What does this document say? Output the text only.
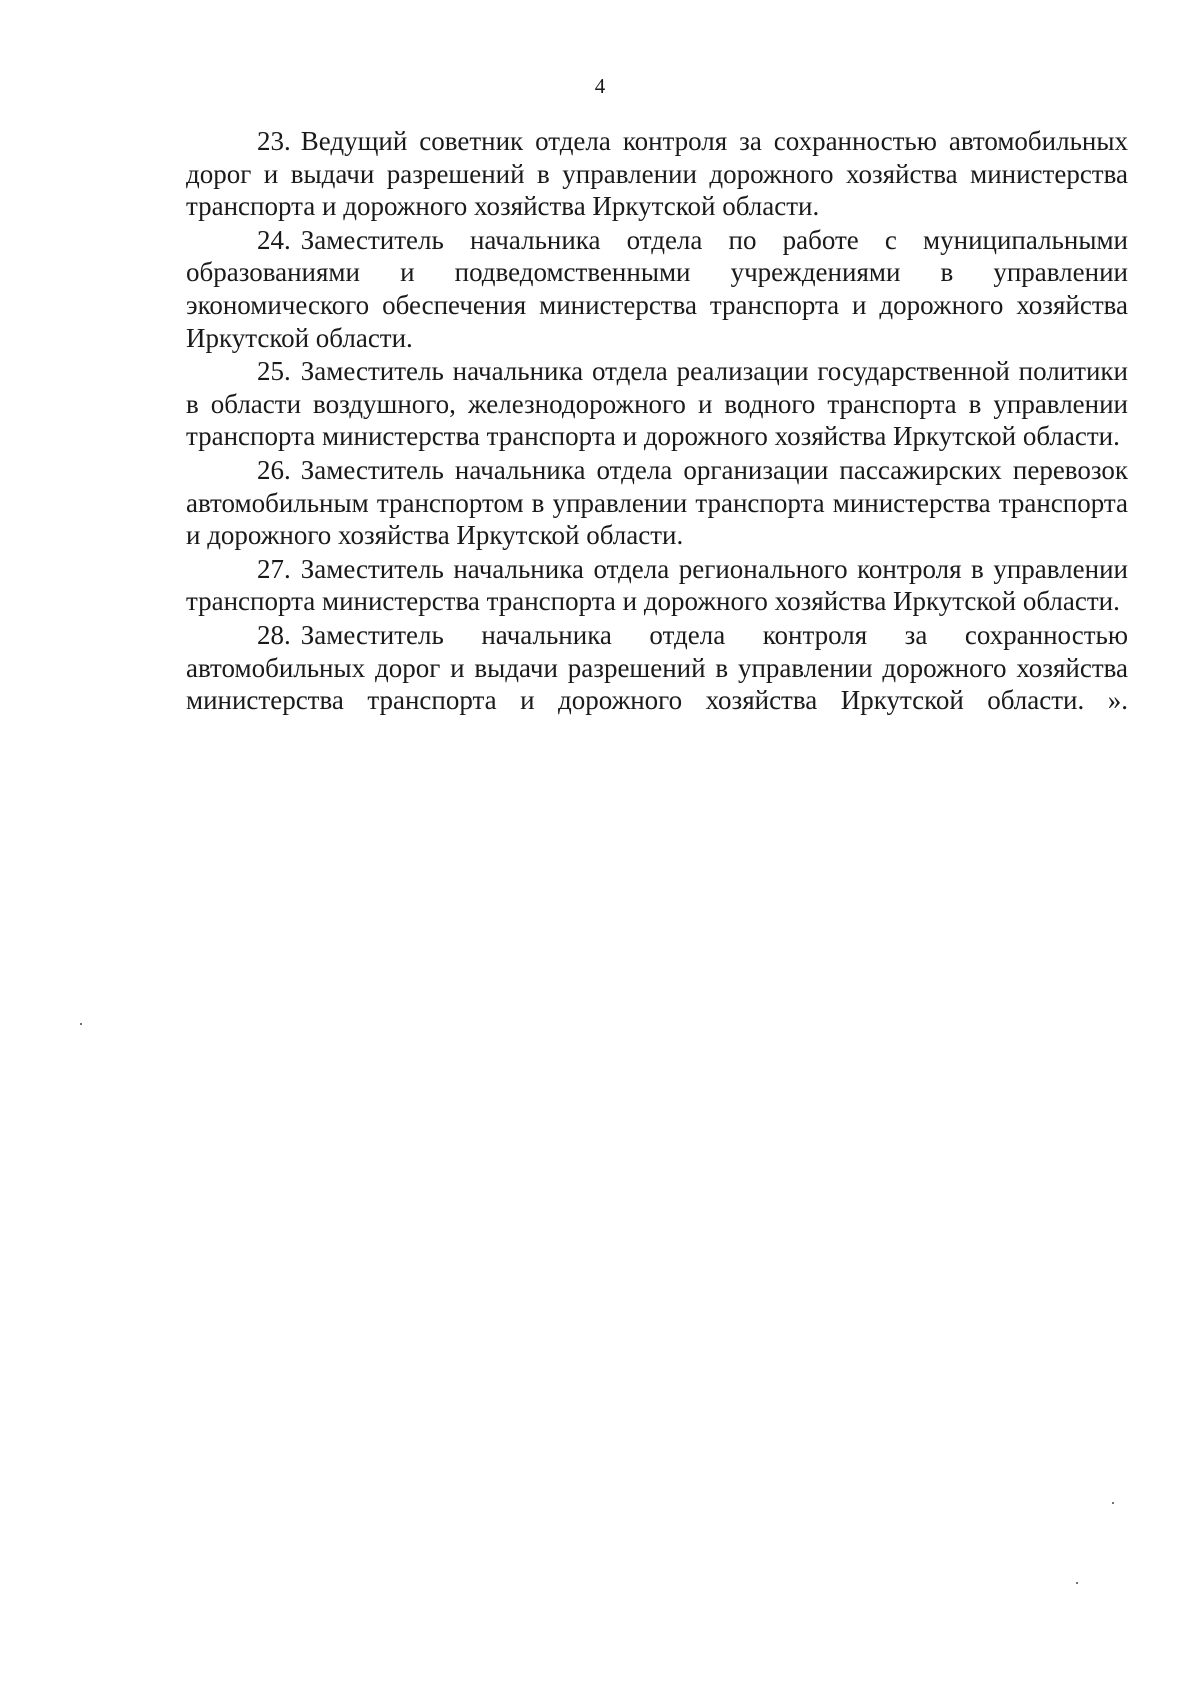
4

23. Ведущий советник отдела контроля за сохранностью автомобильных дорог и выдачи разрешений в управлении дорожного хозяйства министерства транспорта и дорожного хозяйства Иркутской области.

24. Заместитель начальника отдела по работе с муниципальными образованиями и подведомственными учреждениями в управлении экономического обеспечения министерства транспорта и дорожного хозяйства Иркутской области.

25. Заместитель начальника отдела реализации государственной политики в области воздушного, железнодорожного и водного транспорта в управлении транспорта министерства транспорта и дорожного хозяйства Иркутской области.

26. Заместитель начальника отдела организации пассажирских перевозок автомобильным транспортом в управлении транспорта министерства транспорта и дорожного хозяйства Иркутской области.

27. Заместитель начальника отдела регионального контроля в управлении транспорта министерства транспорта и дорожного хозяйства Иркутской области.

28. Заместитель начальника отдела контроля за сохранностью автомобильных дорог и выдачи разрешений в управлении дорожного хозяйства министерства транспорта и дорожного хозяйства Иркутской области. ».
